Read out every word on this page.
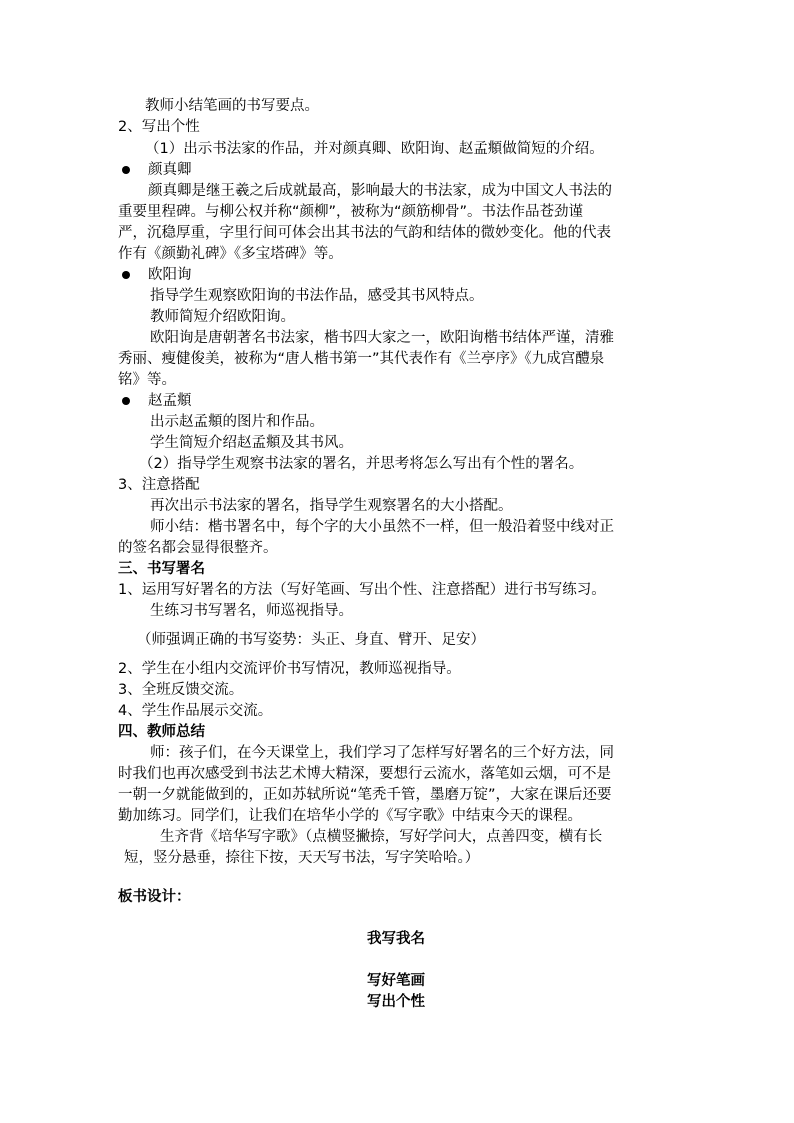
教师小结笔画的书写要点。
2、写出个性
（1）出示书法家的作品，并对颜真卿、欧阳询、赵孟頫做简短的介绍。
颜真卿
颜真卿是继王羲之后成就最高，影响最大的书法家，成为中国文人书法的
重要里程碑。与柳公权并称“颜柳”，被称为“颜筋柳骨”。书法作品苍劲谨
严，沉稳厚重，字里行间可体会出其书法的气韵和结体的微妙变化。他的代表
作有《颜勤礼碑》《多宝塔碑》等。
欧阳询
指导学生观察欧阳询的书法作品，感受其书风特点。
教师简短介绍欧阳询。
欧阳询是唐朝著名书法家，楷书四大家之一，欧阳询楷书结体严谨，清雅
秀丽、瘦健俊美，被称为“唐人楷书第一”其代表作有《兰亭序》《九成宫醴泉
铭》等。
赵孟頫
出示赵孟頫的图片和作品。
学生简短介绍赵孟頫及其书风。
（2）指导学生观察书法家的署名，并思考将怎么写出有个性的署名。
3、注意搭配
再次出示书法家的署名，指导学生观察署名的大小搭配。
师小结：楷书署名中，每个字的大小虽然不一样，但一般沿着竖中线对正
的签名都会显得很整齐。
三、书写署名
1、运用写好署名的方法（写好笔画、写出个性、注意搭配）进行书写练习。
生练习书写署名，师巡视指导。
（师强调正确的书写姿势：头正、身直、臂开、足安）
2、学生在小组内交流评价书写情况，教师巡视指导。
3、全班反馈交流。
4、学生作品展示交流。
四、教师总结
师：孩子们，在今天课堂上，我们学习了怎样写好署名的三个好方法，同
时我们也再次感受到书法艺术博大精深，要想行云流水，落笔如云烟，可不是
一朝一夕就能做到的，正如苏轼所说“笔秃千管，墨磨万锭”，大家在课后还要
勤加练习。同学们，让我们在培华小学的《写字歌》中结束今天的课程。
生齐背《培华写字歌》（点横竖撇捺，写好学问大，点善四变，横有长
短，竖分悬垂，捺往下按，天天写书法，写字笑哈哈。）
板书设计：
我写我名
写好笔画
写出个性
